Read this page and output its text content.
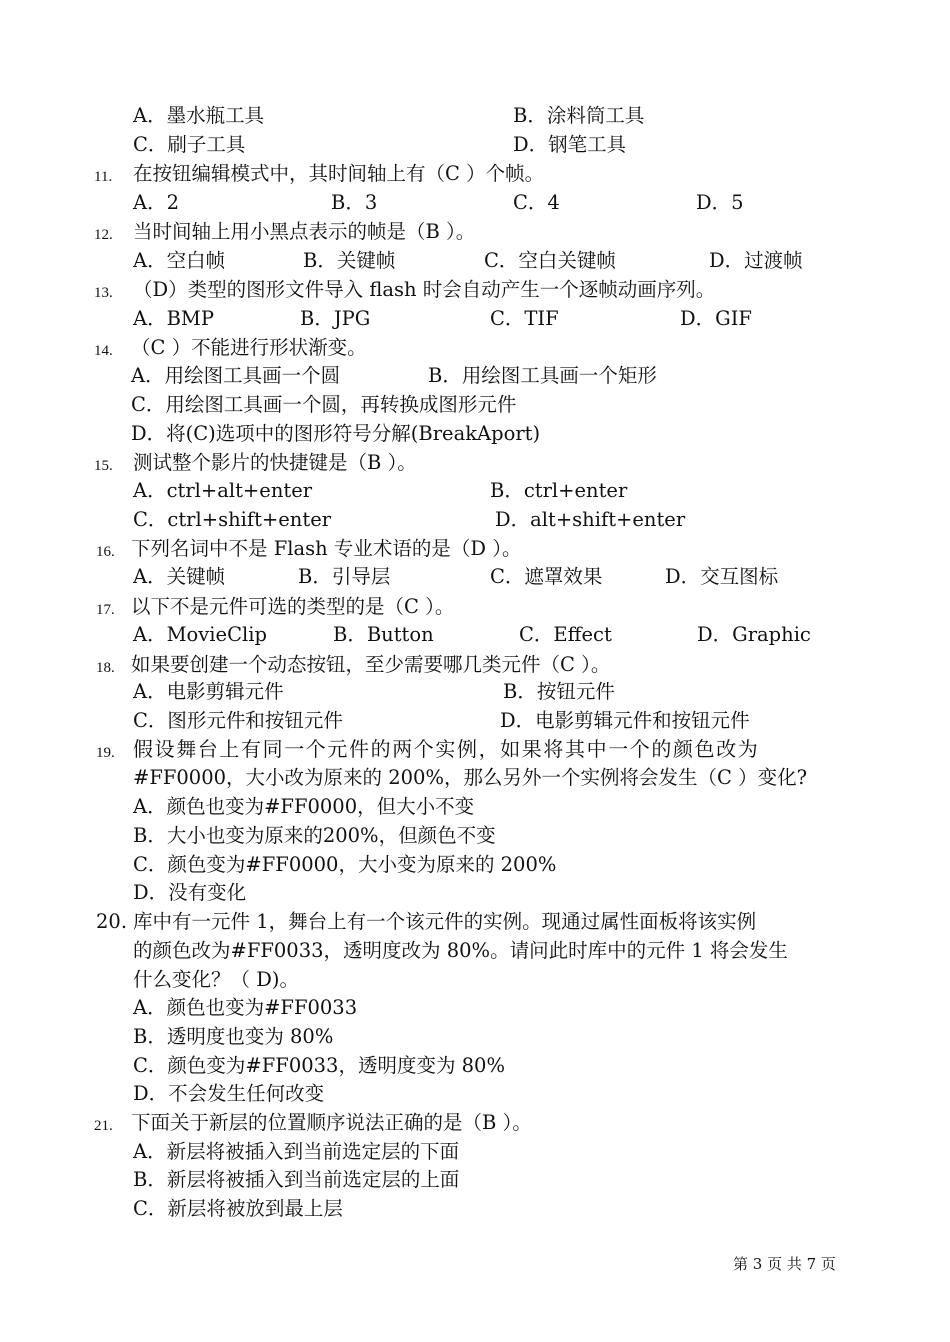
A．墨水瓶工具	B．涂料筒工具
C．刷子工具	D．钢笔工具
11. 在按钮编辑模式中，其时间轴上有（C ）个帧。
A．2	B．3	C．4	D．5
12. 当时间轴上用小黑点表示的帧是（B ）。
A．空白帧	B．关键帧	C．空白关键帧	D．过渡帧
13. （D）类型的图形文件导入 flash 时会自动产生一个逐帧动画序列。
A．BMP	B．JPG	C．TIF	D．GIF
14. （C ）不能进行形状渐变。
A．用绘图工具画一个圆	B．用绘图工具画一个矩形
C．用绘图工具画一个圆，再转换成图形元件
D．将(C)选项中的图形符号分解(BreakAport)
15. 测试整个影片的快捷键是（B ）。
A．ctrl+alt+enter	B．ctrl+enter
C．ctrl+shift+enter	D．alt+shift+enter
16. 下列名词中不是 Flash 专业术语的是（D ）。
A．关键帧	B．引导层	C．遮罩效果	D．交互图标
17. 以下不是元件可选的类型的是（C ）。
A．MovieClip	B．Button	C．Effect	D．Graphic
18. 如果要创建一个动态按钮，至少需要哪几类元件（C ）。
A．电影剪辑元件	B．按钮元件
C．图形元件和按钮元件	D．电影剪辑元件和按钮元件
19. 假设舞台上有同一个元件的两个实例，如果将其中一个的颜色改为
#FF0000，大小改为原来的 200%，那么另外一个实例将会发生（C ）变化?
A．颜色也变为#FF0000，但大小不变
B．大小也变为原来的200%，但颜色不变
C．颜色变为#FF0000，大小变为原来的 200%
D．没有变化
20. 库中有一元件 1，舞台上有一个该元件的实例。现通过属性面板将该实例
的颜色改为#FF0033，透明度改为 80%。请问此时库中的元件 1 将会发生
什么变化？（ D)。
A．颜色也变为#FF0033
B．透明度也变为 80%
C．颜色变为#FF0033，透明度变为 80%
D．不会发生任何改变
21. 下面关于新层的位置顺序说法正确的是（B ）。
A．新层将被插入到当前选定层的下面
B．新层将被插入到当前选定层的上面
C．新层将被放到最上层
第 3 页 共 7 页
